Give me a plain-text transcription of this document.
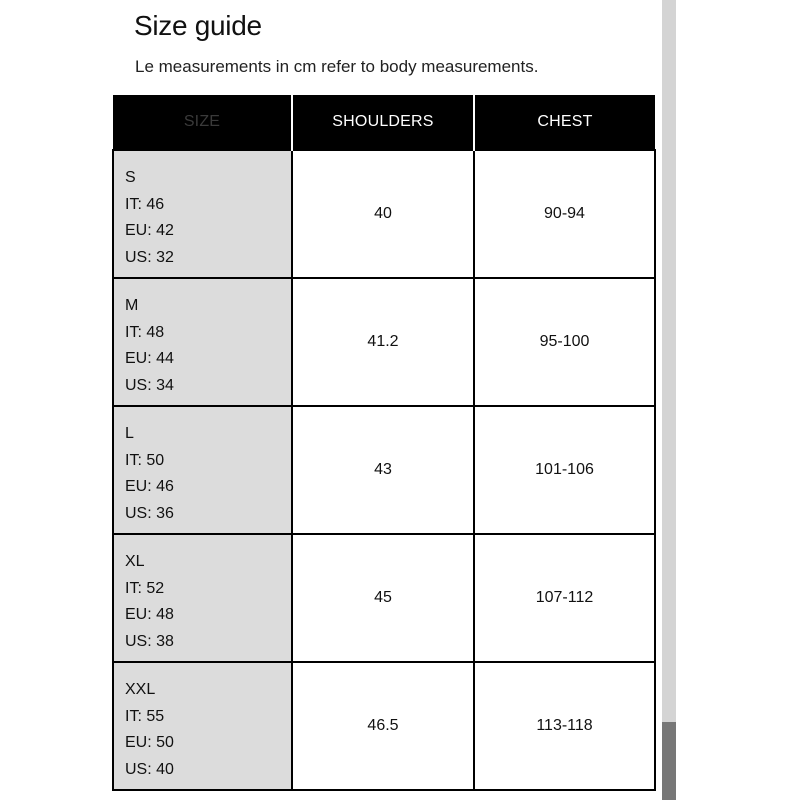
Size guide

Le measurements in cm refer to body measurements.

SIZE	SHOULDERS	CHEST

S
IT: 46
EU: 42
US: 32	40	90-94

M
IT: 48
EU: 44
US: 34	41.2	95-100

L
IT: 50
EU: 46
US: 36	43	101-106

XL
IT: 52
EU: 48
US: 38	45	107-112

XXL
IT: 55
EU: 50
US: 40	46.5	113-118
